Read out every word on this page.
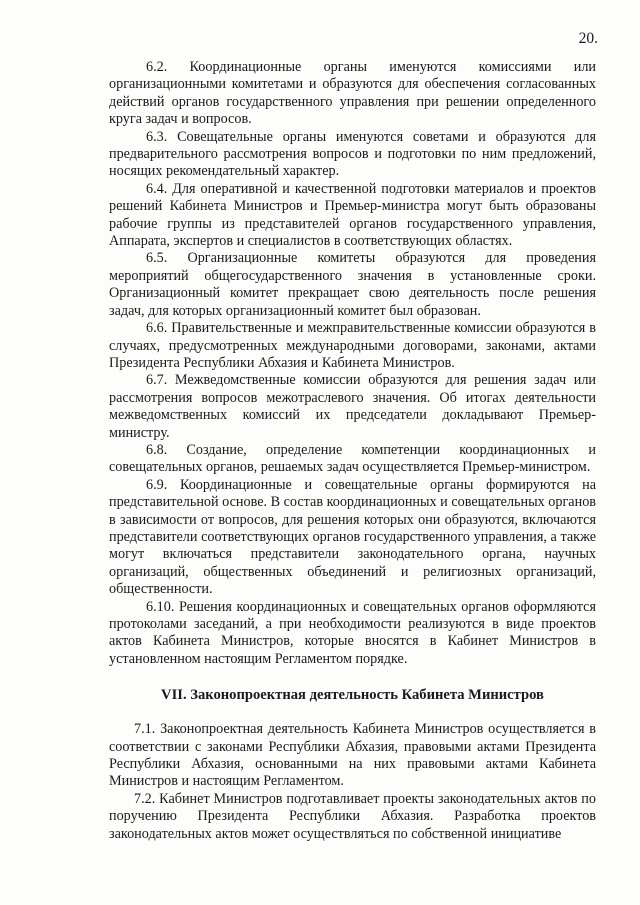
20.

6.2. Координационные органы именуются комиссиями или организационными комитетами и образуются для обеспечения согласованных действий органов государственного управления при решении определенного круга задач и вопросов.

6.3. Совещательные органы именуются советами и образуются для предварительного рассмотрения вопросов и подготовки по ним предложений, носящих рекомендательный характер.

6.4. Для оперативной и качественной подготовки материалов и проектов решений Кабинета Министров и Премьер-министра могут быть образованы рабочие группы из представителей органов государственного управления, Аппарата, экспертов и специалистов в соответствующих областях.

6.5. Организационные комитеты образуются для проведения мероприятий общегосударственного значения в установленные сроки. Организационный комитет прекращает свою деятельность после решения задач, для которых организационный комитет был образован.

6.6. Правительственные и межправительственные комиссии образуются в случаях, предусмотренных международными договорами, законами, актами Президента Республики Абхазия и Кабинета Министров.

6.7. Межведомственные комиссии образуются для решения задач или рассмотрения вопросов межотраслевого значения. Об итогах деятельности межведомственных комиссий их председатели докладывают Премьер-министру.

6.8. Создание, определение компетенции координационных и совещательных органов, решаемых задач осуществляется Премьер-министром.

6.9. Координационные и совещательные органы формируются на представительной основе. В состав координационных и совещательных органов в зависимости от вопросов, для решения которых они образуются, включаются представители соответствующих органов государственного управления, а также могут включаться представители законодательного органа, научных организаций, общественных объединений и религиозных организаций, общественности.

6.10. Решения координационных и совещательных органов оформляются протоколами заседаний, а при необходимости реализуются в виде проектов актов Кабинета Министров, которые вносятся в Кабинет Министров в установленном настоящим Регламентом порядке.

VII. Законопроектная деятельность Кабинета Министров

7.1. Законопроектная деятельность Кабинета Министров осуществляется в соответствии с законами Республики Абхазия, правовыми актами Президента Республики Абхазия, основанными на них правовыми актами Кабинета Министров и настоящим Регламентом.

7.2. Кабинет Министров подготавливает проекты законодательных актов по поручению Президента Республики Абхазия. Разработка проектов законодательных актов может осуществляться по собственной инициативе
